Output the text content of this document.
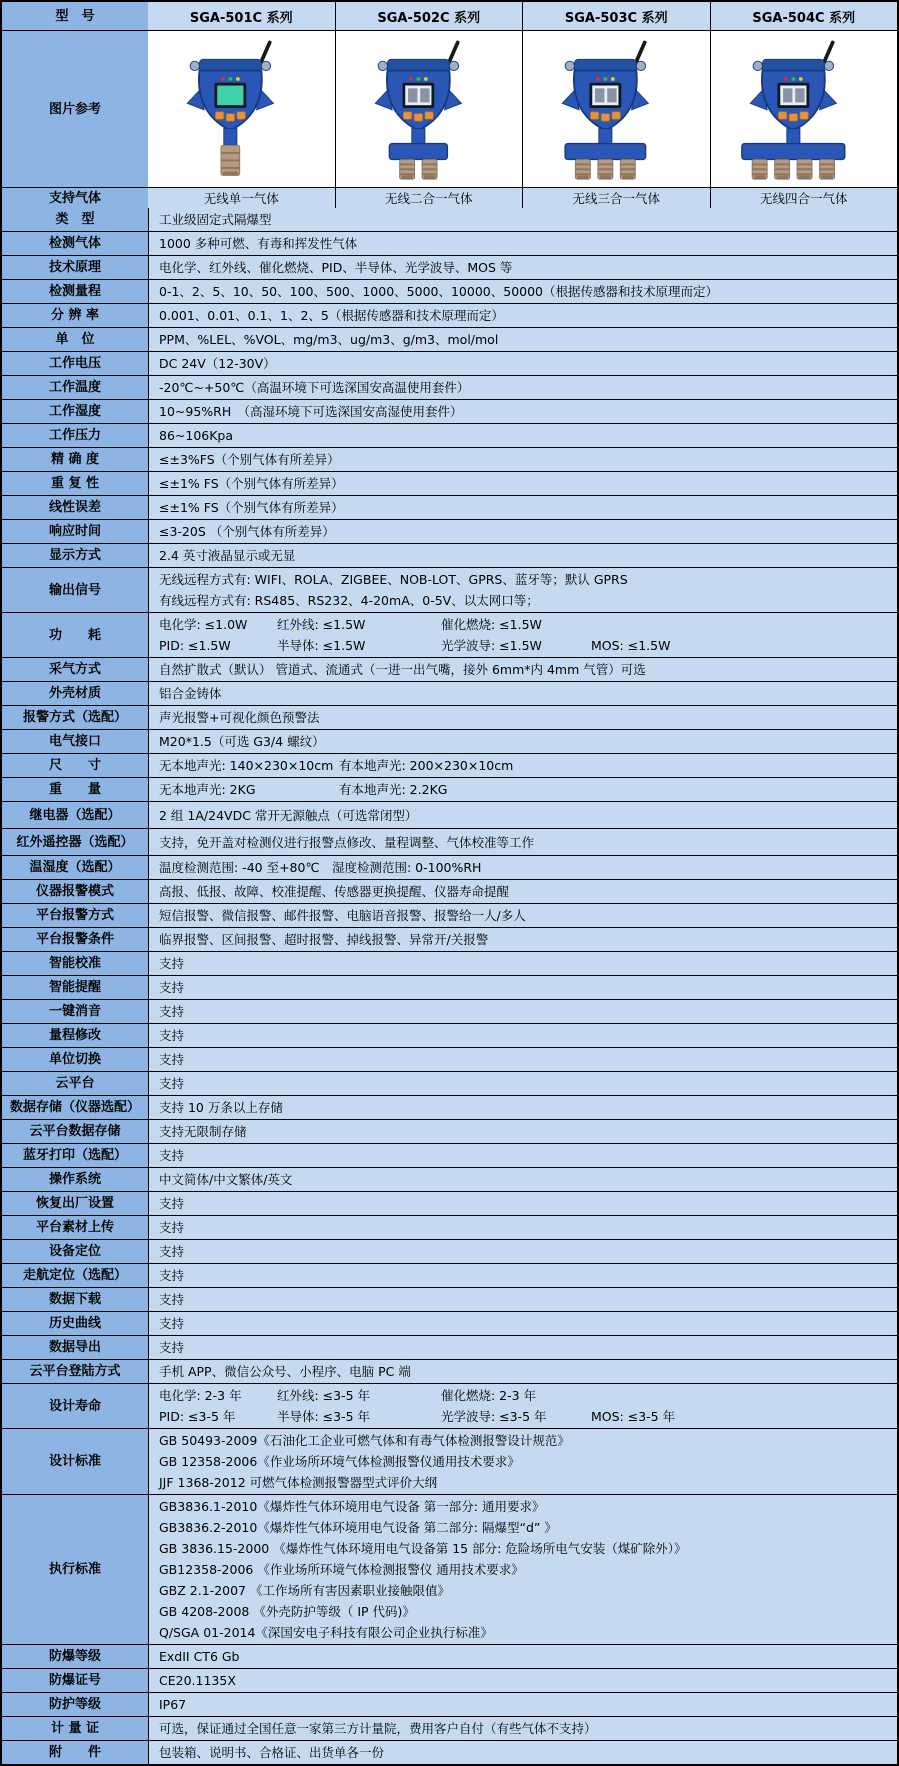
型　号	SGA-501C 系列	SGA-502C 系列	SGA-503C 系列	SGA-504C 系列
图片参考
支持气体	无线单一气体	无线二合一气体	无线三合一气体	无线四合一气体
类　型	工业级固定式隔爆型
检测气体	1000 多种可燃、有毒和挥发性气体
技术原理	电化学、红外线、催化燃烧、PID、半导体、光学波导、MOS 等
检测量程	0-1、2、5、10、50、100、500、1000、5000、10000、50000（根据传感器和技术原理而定）
分 辨 率	0.001、0.01、0.1、1、2、5（根据传感器和技术原理而定）
单　位	PPM、%LEL、%VOL、mg/m3、ug/m3、g/m3、mol/mol
工作电压	DC 24V（12-30V）
工作温度	-20℃~+50℃（高温环境下可选深国安高温使用套件）
工作湿度	10~95%RH　（高湿环境下可选深国安高湿使用套件）
工作压力	86~106Kpa
精 确 度	≤±3%FS（个别气体有所差异）
重 复 性	≤±1% FS（个别气体有所差异）
线性误差	≤±1% FS（个别气体有所差异）
响应时间	≤3-20S （个别气体有所差异）
显示方式	2.4 英寸液晶显示或无显
输出信号
无线远程方式有: WIFI、ROLA、ZIGBEE、NOB-LOT、GPRS、蓝牙等；默认 GPRS
有线远程方式有: RS485、RS232、4-20mA、0-5V、以太网口等；
功　　耗
电化学: ≤1.0W 红外线: ≤1.5W	催化燃烧: ≤1.5W
PID: ≤1.5W	半导体: ≤1.5W	光学波导: ≤1.5W	MOS: ≤1.5W
采气方式	自然扩散式（默认） 管道式、流通式（一进一出气嘴，接外 6mm*内 4mm 气管）可选
外壳材质	铝合金铸体
报警方式（选配）	声光报警+可视化颜色预警法
电气接口	M20*1.5（可选 G3/4 螺纹）
尺　　寸	无本地声光: 140×230×10cm 有本地声光: 200×230×10cm
重　　量	无本地声光: 2KG	有本地声光: 2.2KG
继电器（选配）	2 组 1A/24VDC 常开无源触点（可选常闭型）
红外遥控器（选配）	支持，免开盖对检测仪进行报警点修改、量程调整、气体校准等工作
温湿度（选配）	温度检测范围: -40 至+80℃　湿度检测范围: 0-100%RH
仪器报警模式	高报、低报、故障、校准提醒、传感器更换提醒、仪器寿命提醒
平台报警方式	短信报警、微信报警、邮件报警、电脑语音报警、报警给一人/多人
平台报警条件	临界报警、区间报警、超时报警、掉线报警、异常开/关报警
智能校准	支持
智能提醒	支持
一键消音	支持
量程修改	支持
单位切换	支持
云平台	支持
数据存储（仪器选配）	支持 10 万条以上存储
云平台数据存储	支持无限制存储
蓝牙打印（选配）	支持
操作系统	中文简体/中文繁体/英文
恢复出厂设置	支持
平台素材上传	支持
设备定位	支持
走航定位（选配）	支持
数据下载	支持
历史曲线	支持
数据导出	支持
云平台登陆方式	手机 APP、微信公众号、小程序、电脑 PC 端
设计寿命
电化学: 2-3 年	红外线: ≤3-5 年	催化燃烧: 2-3 年
PID: ≤3-5 年	半导体: ≤3-5 年	光学波导: ≤3-5 年	MOS: ≤3-5 年
设计标准
GB 50493-2009《石油化工企业可燃气体和有毒气体检测报警设计规范》
GB 12358-2006《作业场所环境气体检测报警仪通用技术要求》
JJF 1368-2012 可燃气体检测报警器型式评价大纲
执行标准
GB3836.1-2010《爆炸性气体环境用电气设备 第一部分: 通用要求》
GB3836.2-2010《爆炸性气体环境用电气设备 第二部分: 隔爆型“d” 》
GB 3836.15-2000 《爆炸性气体环境用电气设备第 15 部分: 危险场所电气安装（煤矿除外）》
GB12358-2006 《作业场所环境气体检测报警仪 通用技术要求》
GBZ 2.1-2007 《工作场所有害因素职业接触限值》
GB 4208-2008 《外壳防护等级（ IP 代码)》
Q/SGA 01-2014《深国安电子科技有限公司企业执行标准》
防爆等级	ExdII CT6 Gb
防爆证号	CE20.1135X
防护等级	IP67
计 量 证	可选，保证通过全国任意一家第三方计量院，费用客户自付（有些气体不支持）
附　　件	包装箱、说明书、合格证、出货单各一份
